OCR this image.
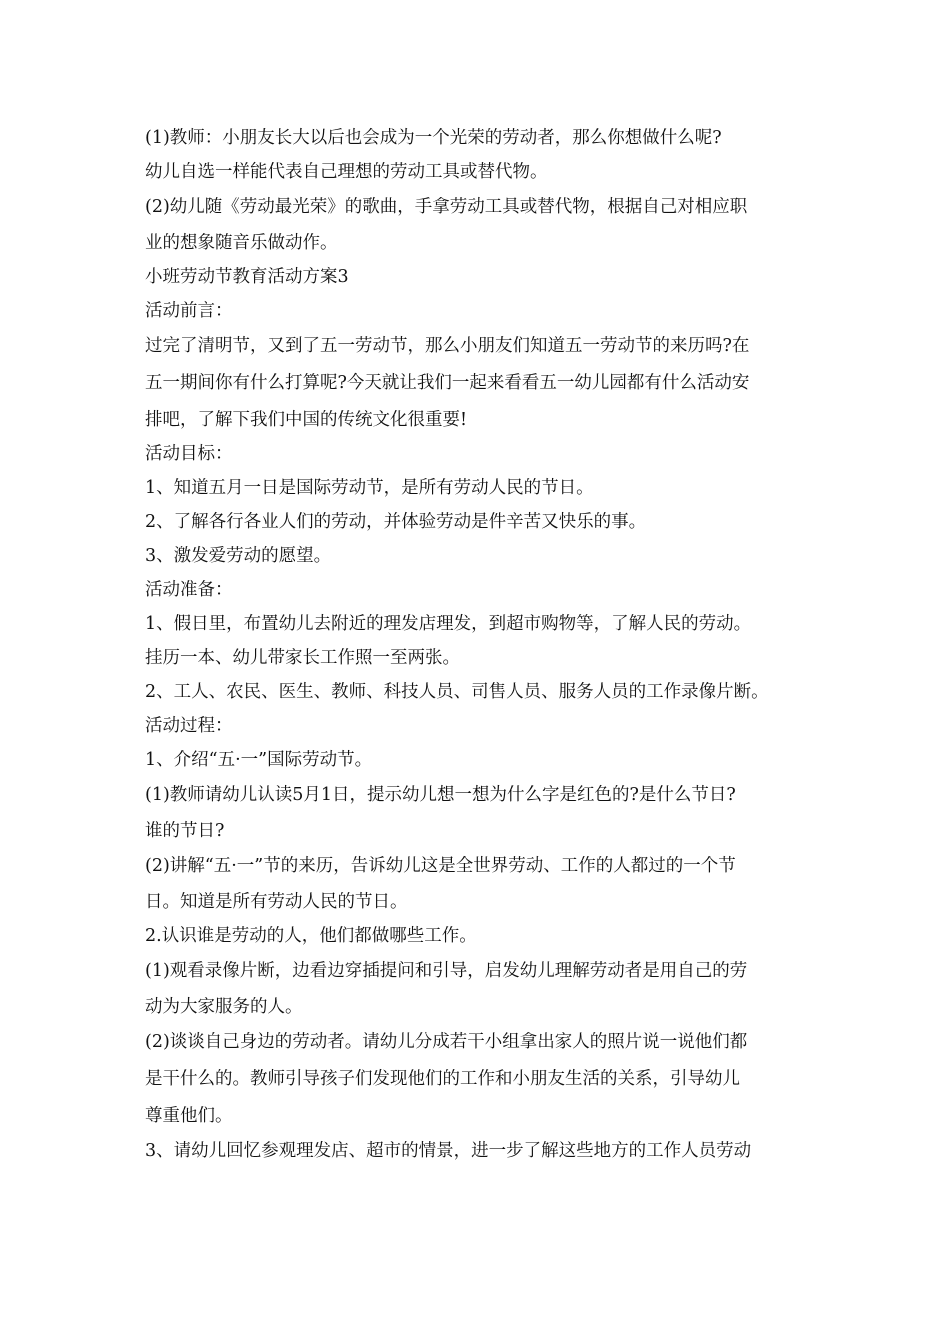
(1)教师：小朋友长大以后也会成为一个光荣的劳动者，那么你想做什么呢?

幼儿自选一样能代表自己理想的劳动工具或替代物。

(2)幼儿随《劳动最光荣》的歌曲，手拿劳动工具或替代物，根据自己对相应职

业的想象随音乐做动作。

小班劳动节教育活动方案3

活动前言：

过完了清明节，又到了五一劳动节，那么小朋友们知道五一劳动节的来历吗?在

五一期间你有什么打算呢?今天就让我们一起来看看五一幼儿园都有什么活动安

排吧，了解下我们中国的传统文化很重要!

活动目标：

1、知道五月一日是国际劳动节，是所有劳动人民的节日。

2、了解各行各业人们的劳动，并体验劳动是件辛苦又快乐的事。

3、激发爱劳动的愿望。

活动准备：

1、假日里，布置幼儿去附近的理发店理发，到超市购物等，了解人民的劳动。

挂历一本、幼儿带家长工作照一至两张。

2、工人、农民、医生、教师、科技人员、司售人员、服务人员的工作录像片断。

活动过程：

1、介绍“五·一”国际劳动节。

(1)教师请幼儿认读5月1日，提示幼儿想一想为什么字是红色的?是什么节日?

谁的节日?

(2)讲解“五·一”节的来历，告诉幼儿这是全世界劳动、工作的人都过的一个节

日。知道是所有劳动人民的节日。

2.认识谁是劳动的人，他们都做哪些工作。

(1)观看录像片断，边看边穿插提问和引导，启发幼儿理解劳动者是用自己的劳

动为大家服务的人。

(2)谈谈自己身边的劳动者。请幼儿分成若干小组拿出家人的照片说一说他们都

是干什么的。教师引导孩子们发现他们的工作和小朋友生活的关系，引导幼儿

尊重他们。

3、请幼儿回忆参观理发店、超市的情景，进一步了解这些地方的工作人员劳动
